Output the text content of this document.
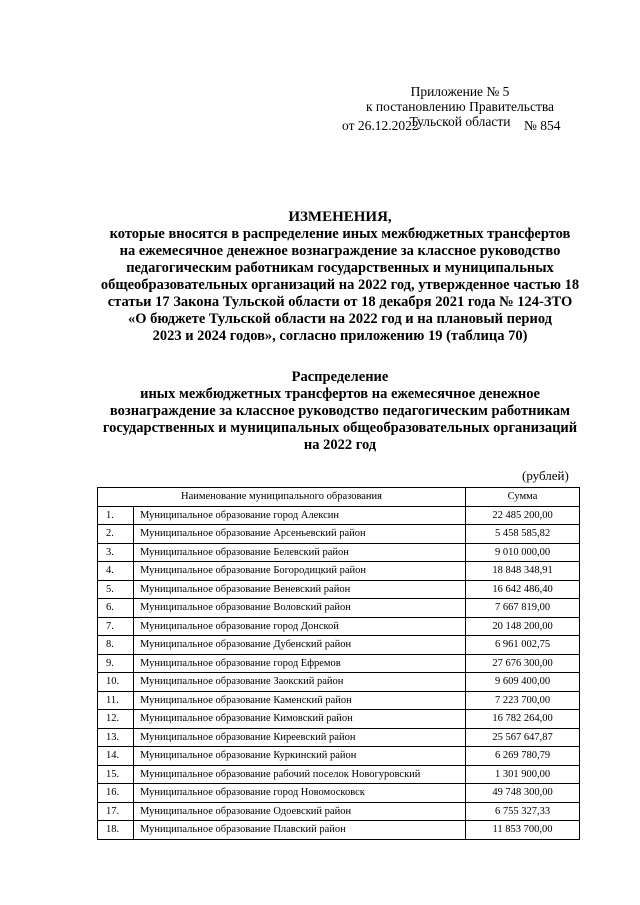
Приложение № 5
к постановлению Правительства
Тульской области
от 26.12.2022	№ 854
ИЗМЕНЕНИЯ,
которые вносятся в распределение иных межбюджетных трансфертов
на ежемесячное денежное вознаграждение за классное руководство
педагогическим работникам государственных и муниципальных
общеобразовательных организаций на 2022 год, утвержденное частью 18
статьи 17 Закона Тульской области от 18 декабря 2021 года № 124-ЗТО
«О бюджете Тульской области на 2022 год и на плановый период
2023 и 2024 годов», согласно приложению 19 (таблица 70)
Распределение
иных межбюджетных трансфертов на ежемесячное денежное
вознаграждение за классное руководство педагогическим работникам
государственных и муниципальных общеобразовательных организаций
на 2022 год
(рублей)
Наименование муниципального образования		Сумма
1.	Муниципальное образование город Алексин	22 485 200,00
2.	Муниципальное образование Арсеньевский район	5 458 585,82
3.	Муниципальное образование Белевский район	9 010 000,00
4.	Муниципальное образование Богородицкий район	18 848 348,91
5.	Муниципальное образование Веневский район	16 642 486,40
6.	Муниципальное образование Воловский район	7 667 819,00
7.	Муниципальное образование город Донской	20 148 200,00
8.	Муниципальное образование Дубенский район	6 961 002,75
9.	Муниципальное образование город Ефремов	27 676 300,00
10.	Муниципальное образование Заокский район	9 609 400,00
11.	Муниципальное образование Каменский район	7 223 700,00
12.	Муниципальное образование Кимовский район	16 782 264,00
13.	Муниципальное образование Киреевский район	25 567 647,87
14.	Муниципальное образование Куркинский район	6 269 780,79
15.	Муниципальное образование рабочий поселок Новогуровский	1 301 900,00
16.	Муниципальное образование город Новомосковск	49 748 300,00
17.	Муниципальное образование Одоевский район	6 755 327,33
18.	Муниципальное образование Плавский район	11 853 700,00
